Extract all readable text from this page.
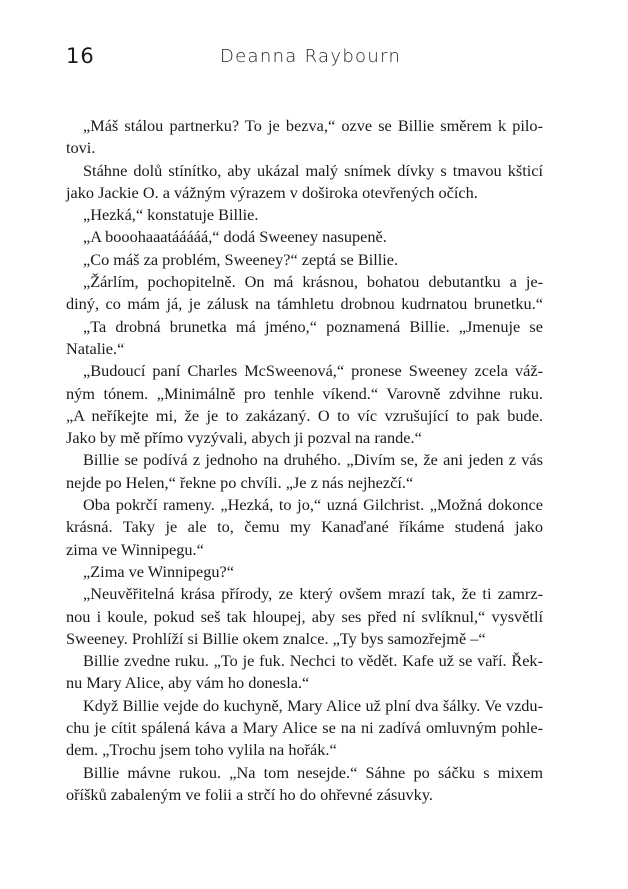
16	Deanna Raybourn
„Máš stálou partnerku? To je bezva,“ ozve se Billie směrem k pilo-
tovi.
Stáhne dolů stínítko, aby ukázal malý snímek dívky s tmavou kšticí
jako Jackie O. a vážným výrazem v doširoka otevřených očích.
„Hezká,“ konstatuje Billie.
„A booohaaatááááá,“ dodá Sweeney nasupeně.
„Co máš za problém, Sweeney?“ zeptá se Billie.
„Žárlím, pochopitelně. On má krásnou, bohatou debutantku a je-
diný, co mám já, je zálusk na támhletu drobnou kudrnatou brunetku.“
„Ta drobná brunetka má jméno,“ poznamená Billie. „Jmenuje se
Natalie.“
„Budoucí paní Charles McSweenová,“ pronese Sweeney zcela váž-
ným tónem. „Minimálně pro tenhle víkend.“ Varovně zdvihne ruku.
„A neříkejte mi, že je to zakázaný. O to víc vzrušující to pak bude.
Jako by mě přímo vyzývali, abych ji pozval na rande.“
Billie se podívá z jednoho na druhého. „Divím se, že ani jeden z vás
nejde po Helen,“ řekne po chvíli. „Je z nás nejhezčí.“
Oba pokrčí rameny. „Hezká, to jo,“ uzná Gilchrist. „Možná dokonce
krásná. Taky je ale to, čemu my Kanaďané říkáme studená jako
zima ve Winnipegu.“
„Zima ve Winnipegu?“
„Neuvěřitelná krása přírody, ze který ovšem mrazí tak, že ti zamrz-
nou i koule, pokud seš tak hloupej, aby ses před ní svlíknul,“ vysvětlí
Sweeney. Prohlíží si Billie okem znalce. „Ty bys samozřejmě –“
Billie zvedne ruku. „To je fuk. Nechci to vědět. Kafe už se vaří. Řek-
nu Mary Alice, aby vám ho donesla.“
Když Billie vejde do kuchyně, Mary Alice už plní dva šálky. Ve vzdu-
chu je cítit spálená káva a Mary Alice se na ni zadívá omluvným pohle-
dem. „Trochu jsem toho vylila na hořák.“
Billie mávne rukou. „Na tom nesejde.“ Sáhne po sáčku s mixem
oříšků zabaleným ve folii a strčí ho do ohřevné zásuvky.
